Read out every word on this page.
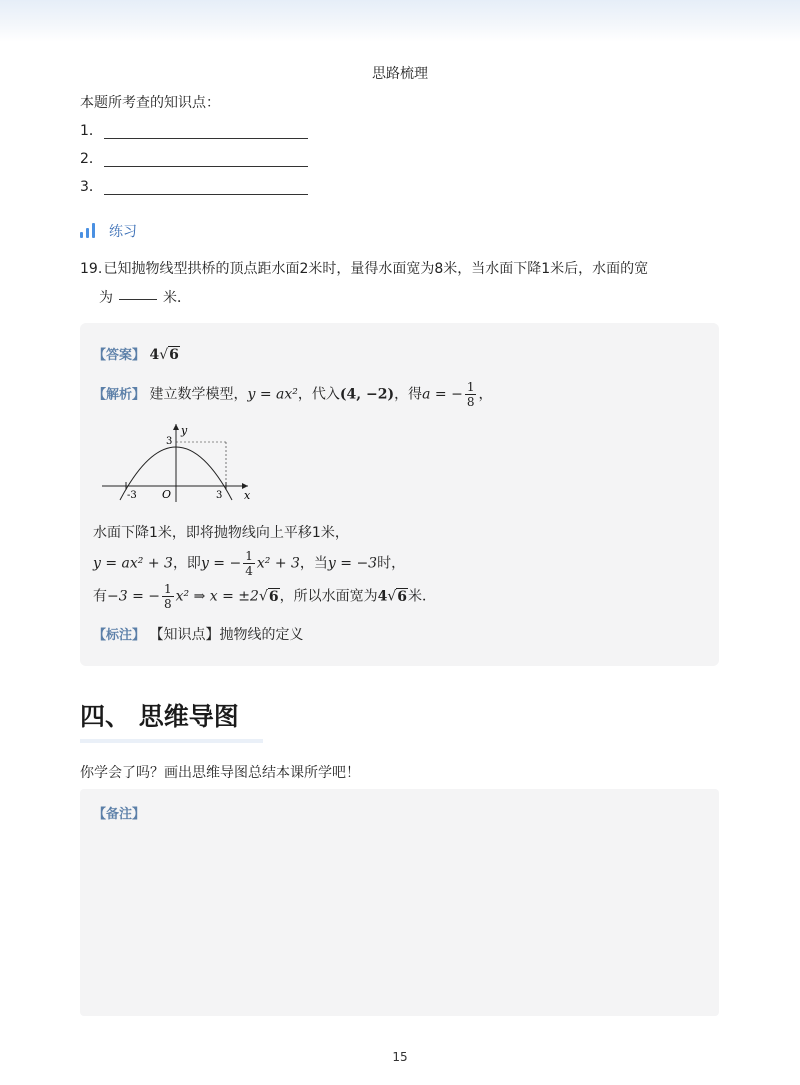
思路梳理
本题所考查的知识点：
1．
2．
3．
练习
19. 已知抛物线型拱桥的顶点距水面2米时，量得水面宽为8米，当水面下降1米后，水面的宽
为	米．
【答案】 4√6
【解析】 建立数学模型，y = ax²，代入(4, −2)，得a = − $\frac{1}{8}$ ，
y
x
O
-3	3
3
水面下降1米，即将抛物线向上平移1米，
y = ax² + 3，即y = − $\frac{1}{4} x^2 + 3$，当y = −3时，
有−3 = − $\frac{1}{8} x^2$ ⇒ x = ±2√6，所以水面宽为4√6米．
【标注】 【知识点】抛物线的定义
四、 思维导图
你学会了吗？画出思维导图总结本课所学吧！
【备注】
15
